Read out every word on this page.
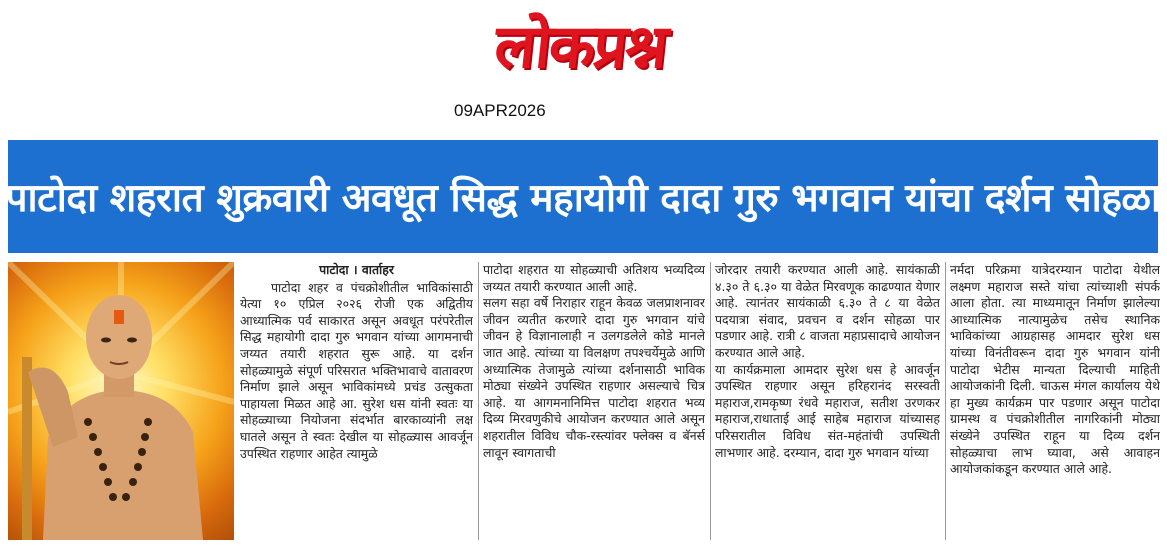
लोकप्रश्न
09APR2026
पाटोदा शहरात शुक्रवारी अवधूत सिद्ध महायोगी दादा गुरु भगवान यांचा दर्शन सोहळा

पाटोदा । वार्ताहर

पाटोदा शहर व पंचक्रोशीतील भाविकांसाठी येत्या १० एप्रिल २०२६ रोजी एक अद्वितीय आध्यात्मिक पर्व साकारत असून अवधूत परंपरेतील सिद्ध महायोगी दादा गुरु भगवान यांच्या आगमनाची जय्यत तयारी शहरात सुरू आहे. या दर्शन सोहळ्यामुळे संपूर्ण परिसरात भक्तिभावाचे वातावरण निर्माण झाले असून भाविकांमध्ये प्रचंड उत्सुकता पाहायला मिळत आहे आ. सुरेश धस यांनी स्वतः या सोहळ्याच्या नियोजना संदर्भात बारकाव्यांनी लक्ष घातले असून ते स्वतः देखील या सोहळ्यास आवर्जून उपस्थित राहणार आहेत त्यामुळे

पाटोदा शहरात या सोहळ्याची अतिशय भव्यदिव्य जय्यत तयारी करण्यात आली आहे.
सलग सहा वर्षे निराहार राहून केवळ जलप्राशनावर जीवन व्यतीत करणारे दादा गुरु भगवान यांचे जीवन हे विज्ञानालाही न उलगडलेले कोडे मानले जात आहे. त्यांच्या या विलक्षण तपश्चर्येमुळे आणि अध्यात्मिक तेजामुळे त्यांच्या दर्शनासाठी भाविक मोठ्या संख्येने उपस्थित राहणार असल्याचे चित्र आहे. या आगमनानिमित्त पाटोदा शहरात भव्य दिव्य मिरवणुकीचे आयोजन करण्यात आले असून शहरातील विविध चौक-रस्त्यांवर फ्लेक्स व बॅनर्स लावून स्वागताची

जोरदार तयारी करण्यात आली आहे. सायंकाळी ४.३० ते ६.३० या वेळेत मिरवणूक काढण्यात येणार आहे. त्यानंतर सायंकाळी ६.३० ते ८ या वेळेत पदयात्रा संवाद, प्रवचन व दर्शन सोहळा पार पडणार आहे. रात्री ८ वाजता महाप्रसादाचे आयोजन करण्यात आले आहे.
या कार्यक्रमाला आमदार सुरेश धस हे आवर्जून उपस्थित राहणार असून हरिहरानंद सरस्वती महाराज,रामकृष्ण रंधवे महाराज, सतीश उरणकर महाराज,राधाताई आई साहेब महाराज यांच्यासह परिसरातील विविध संत-महंतांची उपस्थिती लाभणार आहे. दरम्यान, दादा गुरु भगवान यांच्या

नर्मदा परिक्रमा यात्रेदरम्यान पाटोदा येथील लक्ष्मण महाराज सस्ते यांचा त्यांच्याशी संपर्क आला होता. त्या माध्यमातून निर्माण झालेल्या आध्यात्मिक नात्यामुळेच तसेच स्थानिक भाविकांच्या आग्रहासह आमदार सुरेश धस यांच्या विनंतीवरून दादा गुरु भगवान यांनी पाटोदा भेटीस मान्यता दिल्याची माहिती आयोजकांनी दिली. चाऊस मंगल कार्यालय येथे हा मुख्य कार्यक्रम पार पडणार असून पाटोदा ग्रामस्थ व पंचक्रोशीतील नागरिकांनी मोठ्या संख्येने उपस्थित राहून या दिव्य दर्शन सोहळ्याचा लाभ घ्यावा, असे आवाहन आयोजकांकडून करण्यात आले आहे.
